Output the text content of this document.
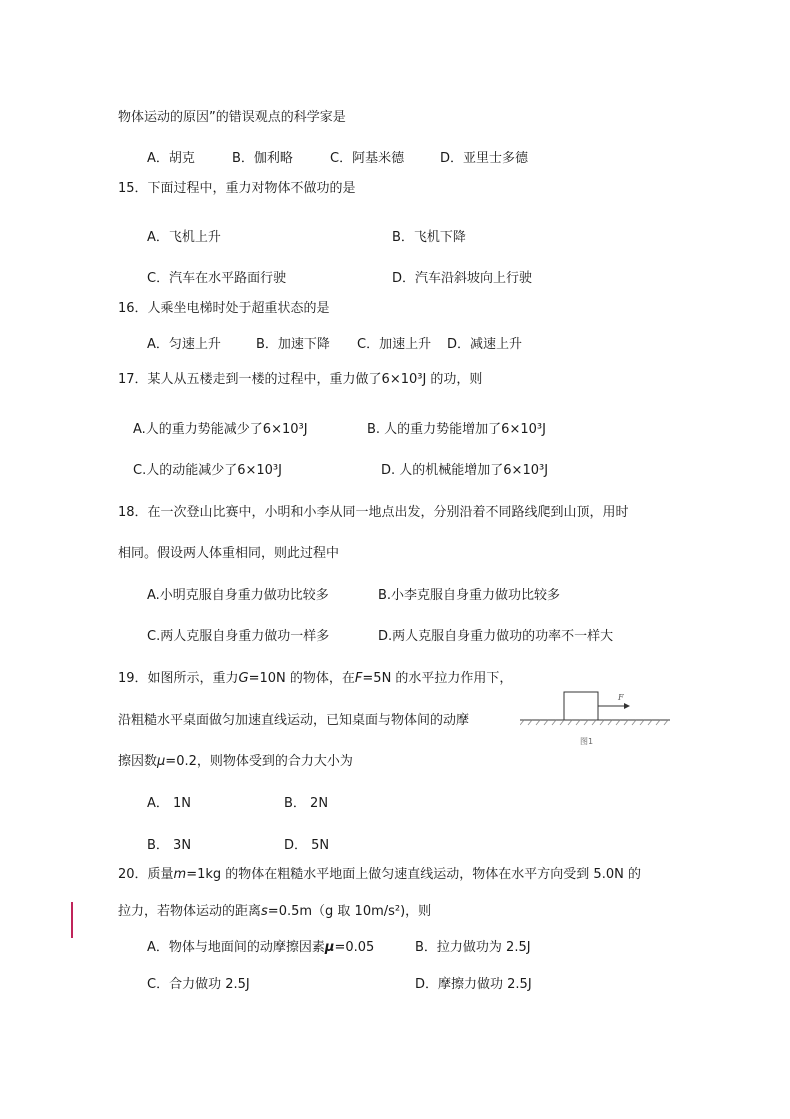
物体运动的原因”的错误观点的科学家是
A．胡克	B．伽利略	C．阿基米德	D．亚里士多德
15．下面过程中，重力对物体不做功的是
A．飞机上升	B．飞机下降
C．汽车在水平路面行驶	D．汽车沿斜坡向上行驶
16．人乘坐电梯时处于超重状态的是
A．匀速上升	B．加速下降 C．加速上升 D．减速上升
17．某人从五楼走到一楼的过程中，重力做了6×10³J 的功，则
A.人的重力势能减少了6×10³J	B. 人的重力势能增加了6×10³J
C.人的动能减少了6×10³J	D. 人的机械能增加了6×10³J
18．在一次登山比赛中，小明和小李从同一地点出发，分别沿着不同路线爬到山顶，用时
相同。假设两人体重相同，则此过程中
A.小明克服自身重力做功比较多	B.小李克服自身重力做功比较多
C.两人克服自身重力做功一样多	D.两人克服自身重力做功的功率不一样大
19．如图所示，重力G=10N 的物体，在F=5N 的水平拉力作用下，
沿粗糙水平桌面做匀加速直线运动，已知桌面与物体间的动摩
擦因数μ=0.2，则物体受到的合力大小为
F
图1
A． 1N	B． 2N
B． 3N	D． 5N
20．质量m=1kg 的物体在粗糙水平地面上做匀速直线运动，物体在水平方向受到 5.0N 的
拉力，若物体运动的距离s=0.5m（g 取 10m/s²)，则
A．物体与地面间的动摩擦因素μ=0.05	B．拉力做功为 2.5J
C．合力做功 2.5J	D．摩擦力做功 2.5J
